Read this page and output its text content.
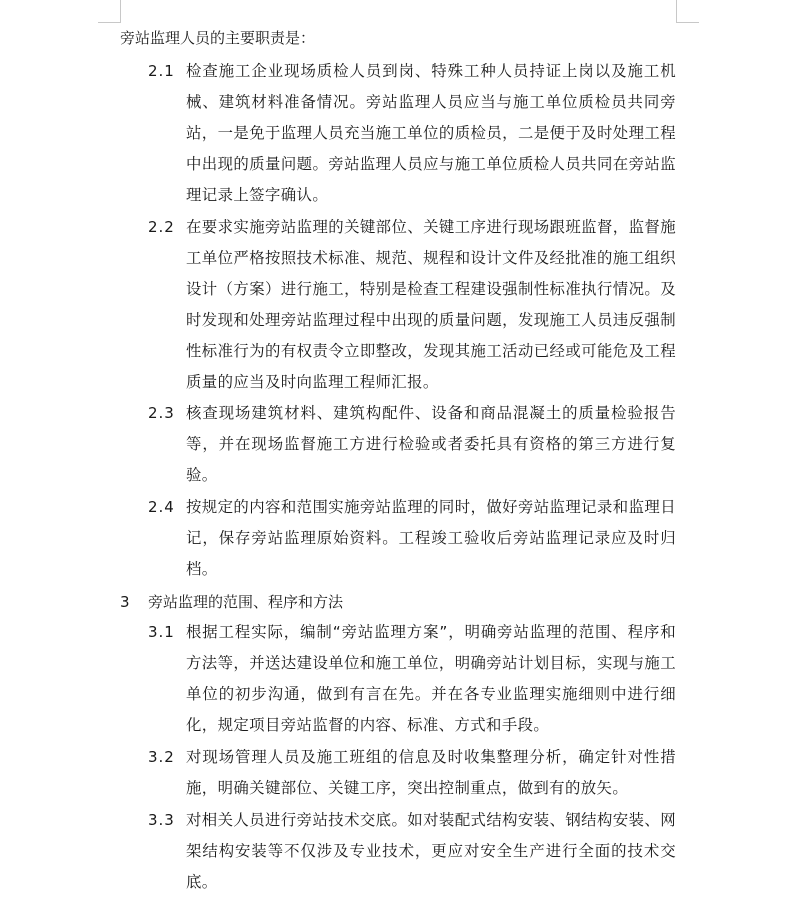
旁站监理人员的主要职责是：
2.1 检查施工企业现场质检人员到岗、特殊工种人员持证上岗以及施工机械、建筑材料准备情况。旁站监理人员应当与施工单位质检员共同旁站，一是免于监理人员充当施工单位的质检员，二是便于及时处理工程中出现的质量问题。旁站监理人员应与施工单位质检人员共同在旁站监理记录上签字确认。
2.2 在要求实施旁站监理的关键部位、关键工序进行现场跟班监督，监督施工单位严格按照技术标准、规范、规程和设计文件及经批准的施工组织设计（方案）进行施工，特别是检查工程建设强制性标准执行情况。及时发现和处理旁站监理过程中出现的质量问题，发现施工人员违反强制性标准行为的有权责令立即整改，发现其施工活动已经或可能危及工程质量的应当及时向监理工程师汇报。
2.3 核查现场建筑材料、建筑构配件、设备和商品混凝土的质量检验报告等，并在现场监督施工方进行检验或者委托具有资格的第三方进行复验。
2.4 按规定的内容和范围实施旁站监理的同时，做好旁站监理记录和监理日记，保存旁站监理原始资料。工程竣工验收后旁站监理记录应及时归档。
3 旁站监理的范围、程序和方法
3.1 根据工程实际，编制“旁站监理方案”，明确旁站监理的范围、程序和方法等，并送达建设单位和施工单位，明确旁站计划目标，实现与施工单位的初步沟通，做到有言在先。并在各专业监理实施细则中进行细化，规定项目旁站监督的内容、标准、方式和手段。
3.2 对现场管理人员及施工班组的信息及时收集整理分析，确定针对性措施，明确关键部位、关键工序，突出控制重点，做到有的放矢。
3.3 对相关人员进行旁站技术交底。如对装配式结构安装、钢结构安装、网架结构安装等不仅涉及专业技术，更应对安全生产进行全面的技术交底。
